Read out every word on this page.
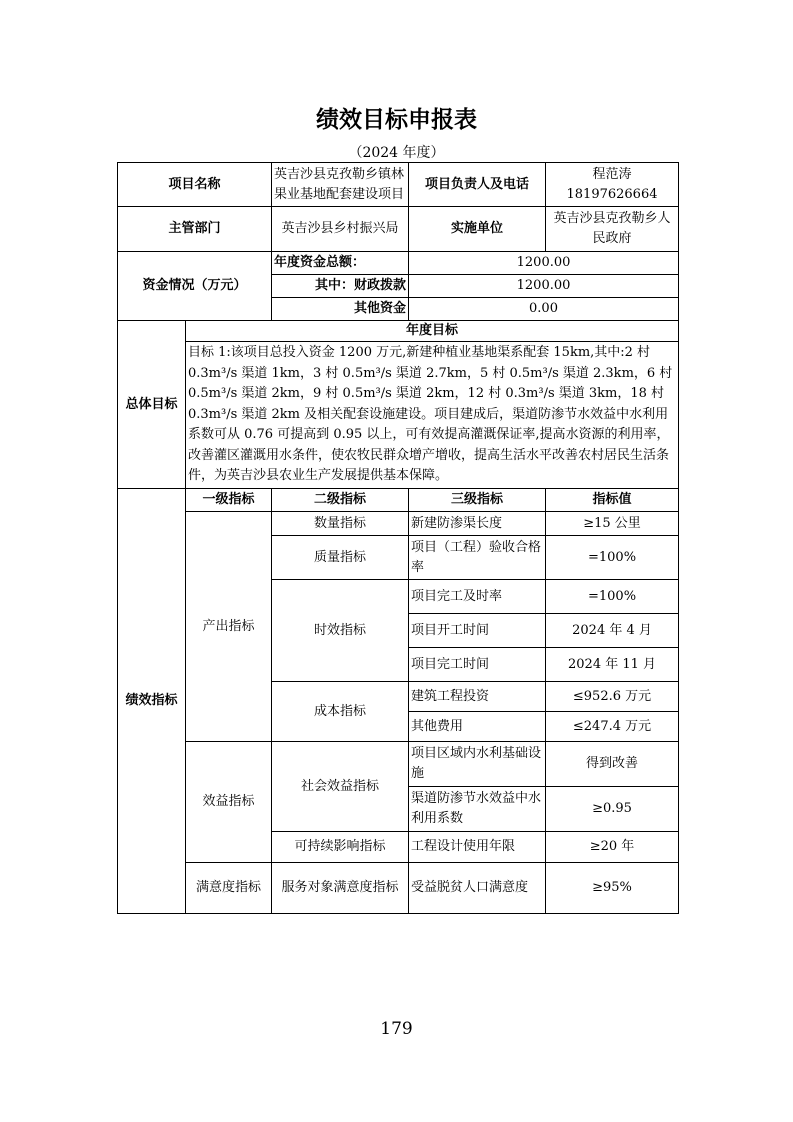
绩效目标申报表
（2024 年度）
项目名称		英吉沙县克孜勒乡镇林果业基地配套建设项目	项目负责人及电话	程范涛 18197626664
主管部门		英吉沙县乡村振兴局	实施单位	英吉沙县克孜勒乡人民政府
资金情况（万元）		年度资金总额：	1200.00	
		其中：财政拨款	1200.00	
		其他资金	0.00	
总体目标	年度目标			
	目标 1:该项目总投入资金 1200 万元,新建种植业基地渠系配套 15km,其中:2 村 0.3m³/s 渠道 1km，3 村 0.5m³/s 渠道 2.7km，5 村 0.5m³/s 渠道 2.3km，6 村 0.5m³/s 渠道 2km，9 村 0.5m³/s 渠道 2km，12 村 0.3m³/s 渠道 3km，18 村 0.3m³/s 渠道 2km 及相关配套设施建设。项目建成后，渠道防渗节水效益中水利用系数可从 0.76 可提高到 0.95 以上，可有效提高灌溉保证率,提高水资源的利用率，改善灌区灌溉用水条件，使农牧民群众增产增收，提高生活水平改善农村居民生活条件，为英吉沙县农业生产发展提供基本保障。			
绩效指标	一级指标	二级指标	三级指标	指标值
	产出指标	数量指标	新建防渗渠长度	≥15 公里
		质量指标	项目（工程）验收合格率	=100%
		时效指标	项目完工及时率	=100%
			项目开工时间	2024 年 4 月
			项目完工时间	2024 年 11 月
		成本指标	建筑工程投资	≤952.6 万元
			其他费用	≤247.4 万元
	效益指标	社会效益指标	项目区域内水利基础设施	得到改善
			渠道防渗节水效益中水利用系数	≥0.95
		可持续影响指标	工程设计使用年限	≥20 年
	满意度指标	服务对象满意度指标	受益脱贫人口满意度	≥95%
179
